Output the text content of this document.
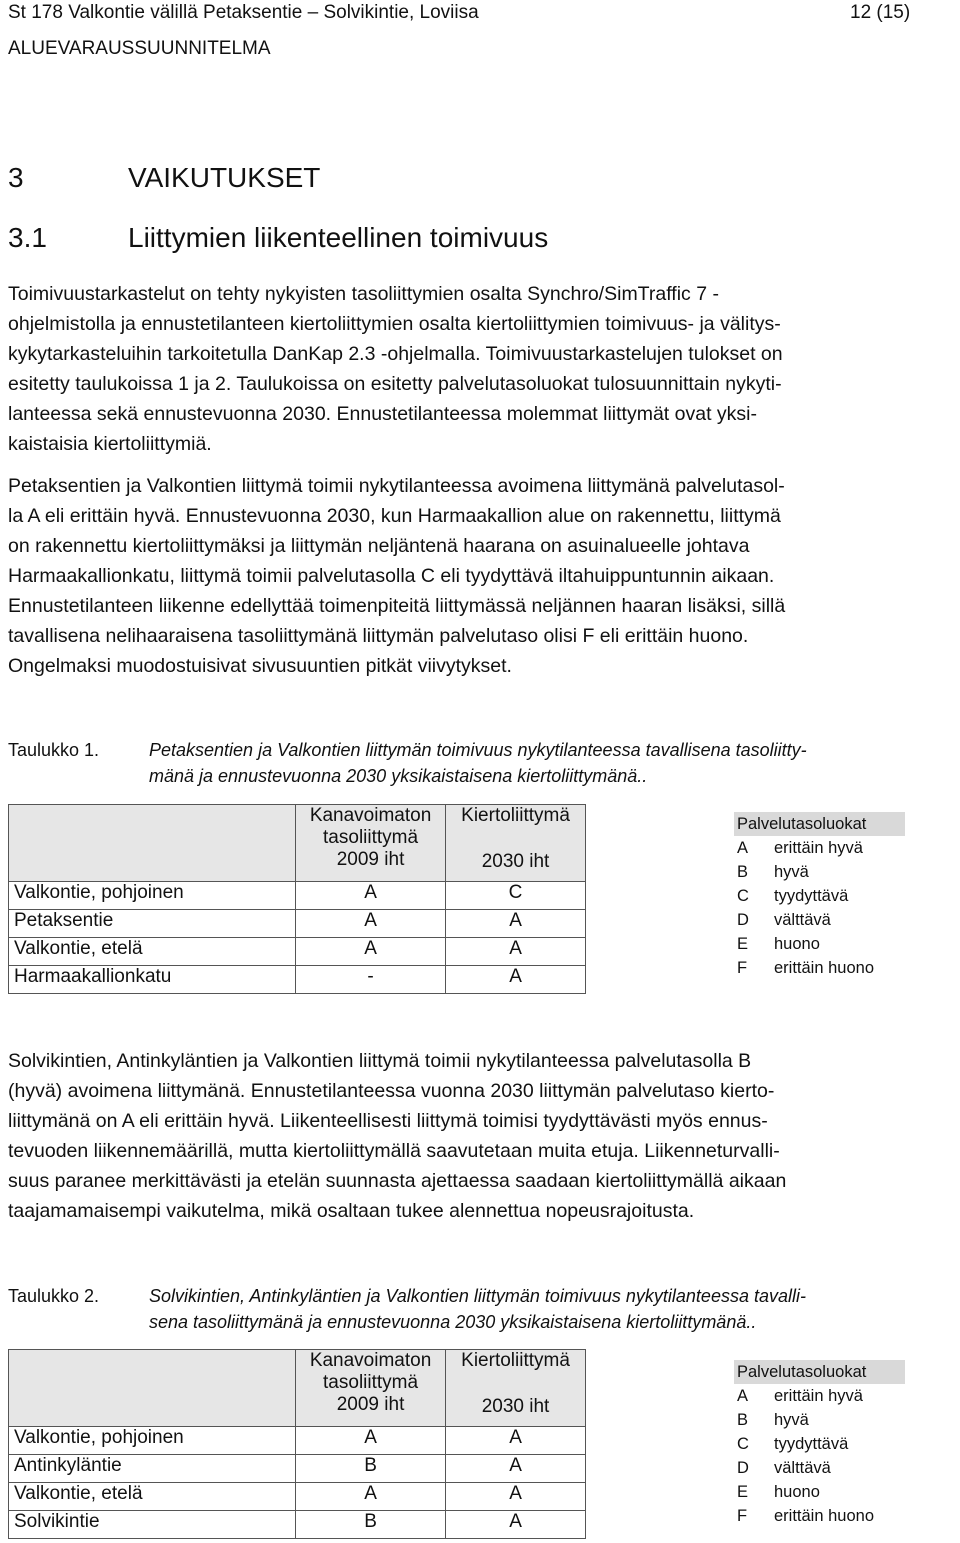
St 178 Valkontie välillä Petaksentie – Solvikintie, Loviisa	12 (15)
ALUEVARAUSSUUNNITELMA
3	VAIKUTUKSET
3.1	Liittymien liikenteellinen toimivuus
Toimivuustarkastelut on tehty nykyisten tasoliittymien osalta Synchro/SimTraffic 7 -
ohjelmistolla ja ennustetilanteen kiertoliittymien osalta kiertoliittymien toimivuus- ja välitys-
kykytarkasteluihin tarkoitetulla DanKap 2.3 -ohjelmalla. Toimivuustarkastelujen tulokset on
esitetty taulukoissa 1 ja 2. Taulukoissa on esitetty palvelutasoluokat tulosuunnittain nykyti-
lanteessa sekä ennustevuonna 2030. Ennustetilanteessa molemmat liittymät ovat yksi-
kaistaisia kiertoliittymiä.
Petaksentien ja Valkontien liittymä toimii nykytilanteessa avoimena liittymänä palvelutasol-
la A eli erittäin hyvä. Ennustevuonna 2030, kun Harmaakallion alue on rakennettu, liittymä
on rakennettu kiertoliittymäksi ja liittymän neljäntenä haarana on asuinalueelle johtava
Harmaakallionkatu, liittymä toimii palvelutasolla C eli tyydyttävä iltahuippuntunnin aikaan.
Ennustetilanteen liikenne edellyttää toimenpiteitä liittymässä neljännen haaran lisäksi, sillä
tavallisena nelihaaraisena tasoliittymänä liittymän palvelutaso olisi F eli erittäin huono.
Ongelmaksi muodostuisivat sivusuuntien pitkät viivytykset.
Taulukko 1.	Petaksentien ja Valkontien liittymän toimivuus nykytilanteessa tavallisena tasoliitty-
mänä ja ennustevuonna 2030 yksikaistaisena kiertoliittymänä..

	Kanavoimaton
tasoliittymä
2009 iht	Kiertoliittymä
2030 iht

Valkontie, pohjoinen	A	C
Petaksentie	A	A
Valkontie, etelä	A	A
Harmaakallionkatu	-	A
Palvelutasoluokat
A erittäin hyvä
B hyvä
C tyydyttävä
D välttävä
E huono
F erittäin huono
Solvikintien, Antinkyläntien ja Valkontien liittymä toimii nykytilanteessa palvelutasolla B
(hyvä) avoimena liittymänä. Ennustetilanteessa vuonna 2030 liittymän palvelutaso kierto-
liittymänä on A eli erittäin hyvä. Liikenteellisesti liittymä toimisi tyydyttävästi myös ennus-
tevuoden liikennemäärillä, mutta kiertoliittymällä saavutetaan muita etuja. Liikenneturvalli-
suus paranee merkittävästi ja etelän suunnasta ajettaessa saadaan kiertoliittymällä aikaan
taajamamaisempi vaikutelma, mikä osaltaan tukee alennettua nopeusrajoitusta.
Taulukko 2.	Solvikintien, Antinkyläntien ja Valkontien liittymän toimivuus nykytilanteessa tavalli-
sena tasoliittymänä ja ennustevuonna 2030 yksikaistaisena kiertoliittymänä..

	Kanavoimaton
tasoliittymä
2009 iht	Kiertoliittymä
2030 iht

Valkontie, pohjoinen	A	A
Antinkyläntie	B	A
Valkontie, etelä	A	A
Solvikintie	B	A
Palvelutasoluokat
A erittäin hyvä
B hyvä
C tyydyttävä
D välttävä
E huono
F erittäin huono
